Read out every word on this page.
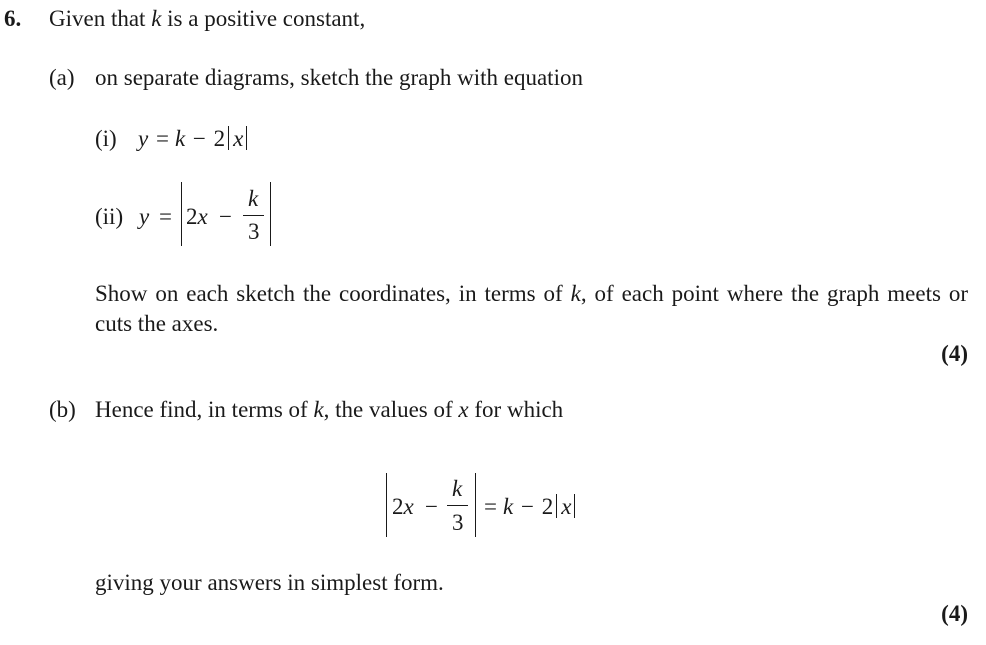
6. Given that k is a positive constant,
(a) on separate diagrams, sketch the graph with equation
(i) y = k − 2 x
(ii) y = 2x −
k
3
Show on each sketch the coordinates, in terms of k, of each point where the graph meets or cuts the axes.
(4)
(b) Hence find, in terms of k, the values of x for which
2x −
k
3
= k − 2 x
giving your answers in simplest form.
(4)
